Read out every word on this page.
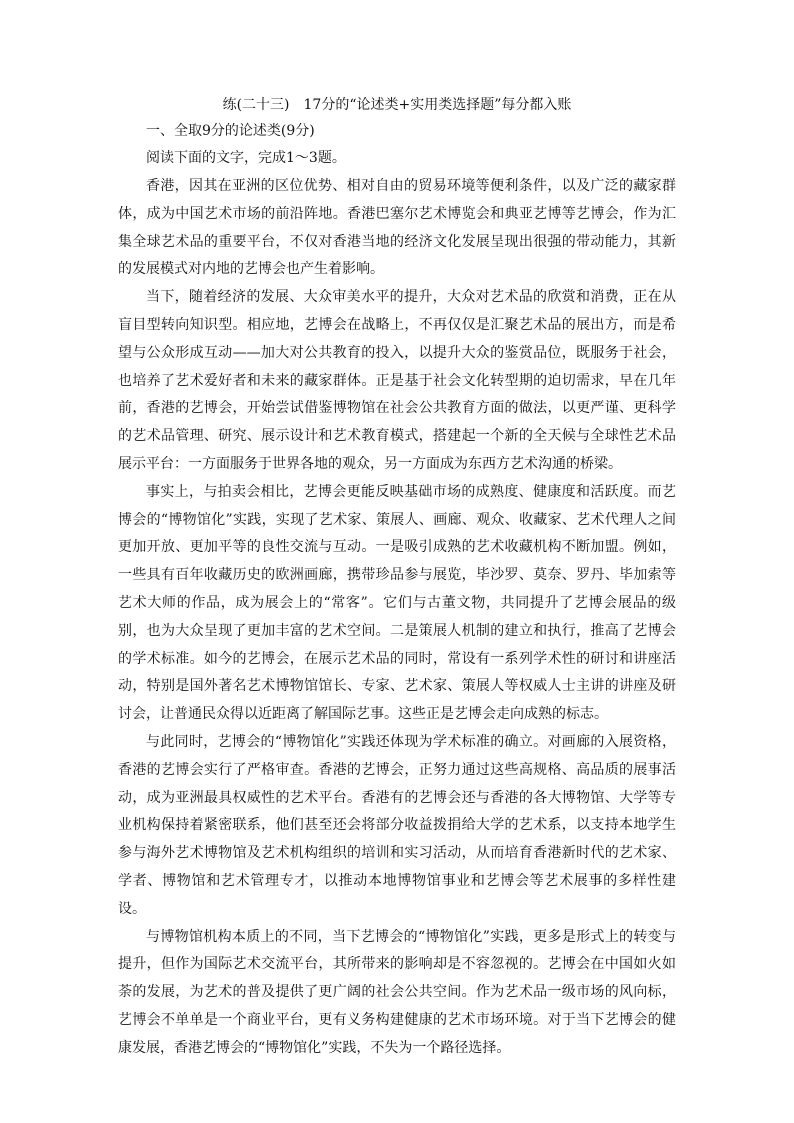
练(二十三)　17分的“论述类+实用类选择题”每分都入账
一、全取9分的论述类(9分)
阅读下面的文字，完成1～3题。

香港，因其在亚洲的区位优势、相对自由的贸易环境等便利条件，以及广泛的藏家群体，成为中国艺术市场的前沿阵地。香港巴塞尔艺术博览会和典亚艺博等艺博会，作为汇集全球艺术品的重要平台，不仅对香港当地的经济文化发展呈现出很强的带动能力，其新的发展模式对内地的艺博会也产生着影响。

当下，随着经济的发展、大众审美水平的提升，大众对艺术品的欣赏和消费，正在从盲目型转向知识型。相应地，艺博会在战略上，不再仅仅是汇聚艺术品的展出方，而是希望与公众形成互动——加大对公共教育的投入，以提升大众的鉴赏品位，既服务于社会，也培养了艺术爱好者和未来的藏家群体。正是基于社会文化转型期的迫切需求，早在几年前，香港的艺博会，开始尝试借鉴博物馆在社会公共教育方面的做法，以更严谨、更科学的艺术品管理、研究、展示设计和艺术教育模式，搭建起一个新的全天候与全球性艺术品展示平台：一方面服务于世界各地的观众，另一方面成为东西方艺术沟通的桥梁。

事实上，与拍卖会相比，艺博会更能反映基础市场的成熟度、健康度和活跃度。而艺博会的“博物馆化”实践，实现了艺术家、策展人、画廊、观众、收藏家、艺术代理人之间更加开放、更加平等的良性交流与互动。一是吸引成熟的艺术收藏机构不断加盟。例如，一些具有百年收藏历史的欧洲画廊，携带珍品参与展览，毕沙罗、莫奈、罗丹、毕加索等艺术大师的作品，成为展会上的“常客”。它们与古董文物，共同提升了艺博会展品的级别，也为大众呈现了更加丰富的艺术空间。二是策展人机制的建立和执行，推高了艺博会的学术标准。如今的艺博会，在展示艺术品的同时，常设有一系列学术性的研讨和讲座活动，特别是国外著名艺术博物馆馆长、专家、艺术家、策展人等权威人士主讲的讲座及研讨会，让普通民众得以近距离了解国际艺事。这些正是艺博会走向成熟的标志。

与此同时，艺博会的“博物馆化”实践还体现为学术标准的确立。对画廊的入展资格，香港的艺博会实行了严格审查。香港的艺博会，正努力通过这些高规格、高品质的展事活动，成为亚洲最具权威性的艺术平台。香港有的艺博会还与香港的各大博物馆、大学等专业机构保持着紧密联系，他们甚至还会将部分收益拨捐给大学的艺术系，以支持本地学生参与海外艺术博物馆及艺术机构组织的培训和实习活动，从而培育香港新时代的艺术家、学者、博物馆和艺术管理专才，以推动本地博物馆事业和艺博会等艺术展事的多样性建设。

与博物馆机构本质上的不同，当下艺博会的“博物馆化”实践，更多是形式上的转变与提升，但作为国际艺术交流平台，其所带来的影响却是不容忽视的。艺博会在中国如火如荼的发展，为艺术的普及提供了更广阔的社会公共空间。作为艺术品一级市场的风向标，艺博会不单单是一个商业平台，更有义务构建健康的艺术市场环境。对于当下艺博会的健康发展，香港艺博会的“博物馆化”实践，不失为一个路径选择。
